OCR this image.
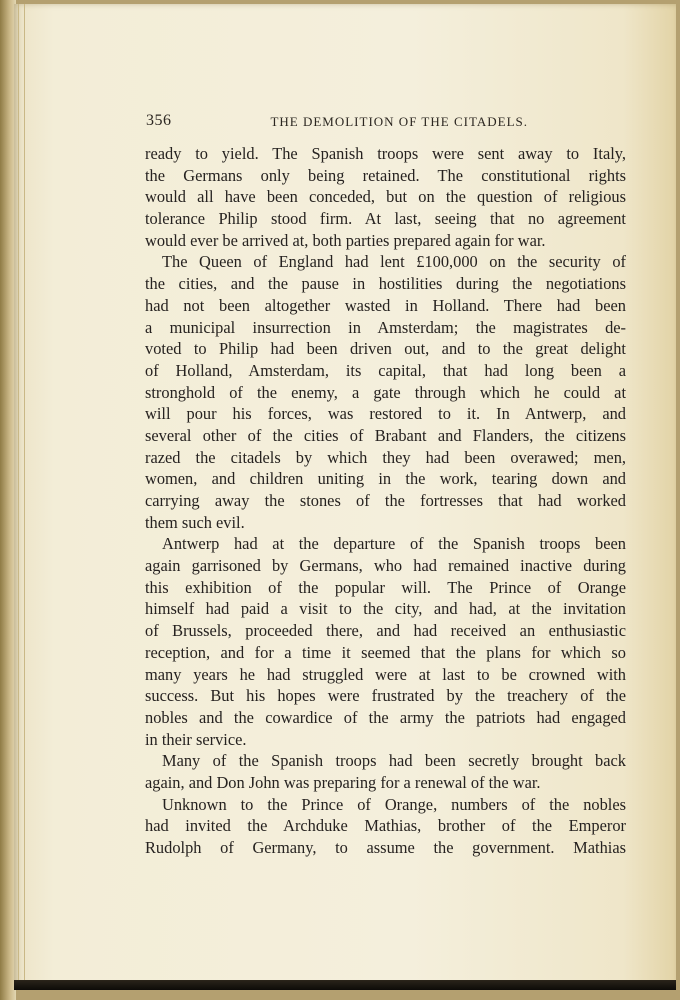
356	THE DEMOLITION OF THE CITADELS.
ready to yield. The Spanish troops were sent away to Italy,
the Germans only being retained. The constitutional rights
would all have been conceded, but on the question of religious
tolerance Philip stood firm. At last, seeing that no agreement
would ever be arrived at, both parties prepared again for war.
The Queen of England had lent £100,000 on the security of
the cities, and the pause in hostilities during the negotiations
had not been altogether wasted in Holland. There had been
a municipal insurrection in Amsterdam; the magistrates de-
voted to Philip had been driven out, and to the great delight
of Holland, Amsterdam, its capital, that had long been a
stronghold of the enemy, a gate through which he could at
will pour his forces, was restored to it. In Antwerp, and
several other of the cities of Brabant and Flanders, the citizens
razed the citadels by which they had been overawed; men,
women, and children uniting in the work, tearing down and
carrying away the stones of the fortresses that had worked
them such evil.
Antwerp had at the departure of the Spanish troops been
again garrisoned by Germans, who had remained inactive during
this exhibition of the popular will. The Prince of Orange
himself had paid a visit to the city, and had, at the invitation
of Brussels, proceeded there, and had received an enthusiastic
reception, and for a time it seemed that the plans for which so
many years he had struggled were at last to be crowned with
success. But his hopes were frustrated by the treachery of the
nobles and the cowardice of the army the patriots had engaged
in their service.
Many of the Spanish troops had been secretly brought back
again, and Don John was preparing for a renewal of the war.
Unknown to the Prince of Orange, numbers of the nobles
had invited the Archduke Mathias, brother of the Emperor
Rudolph of Germany, to assume the government. Mathias
